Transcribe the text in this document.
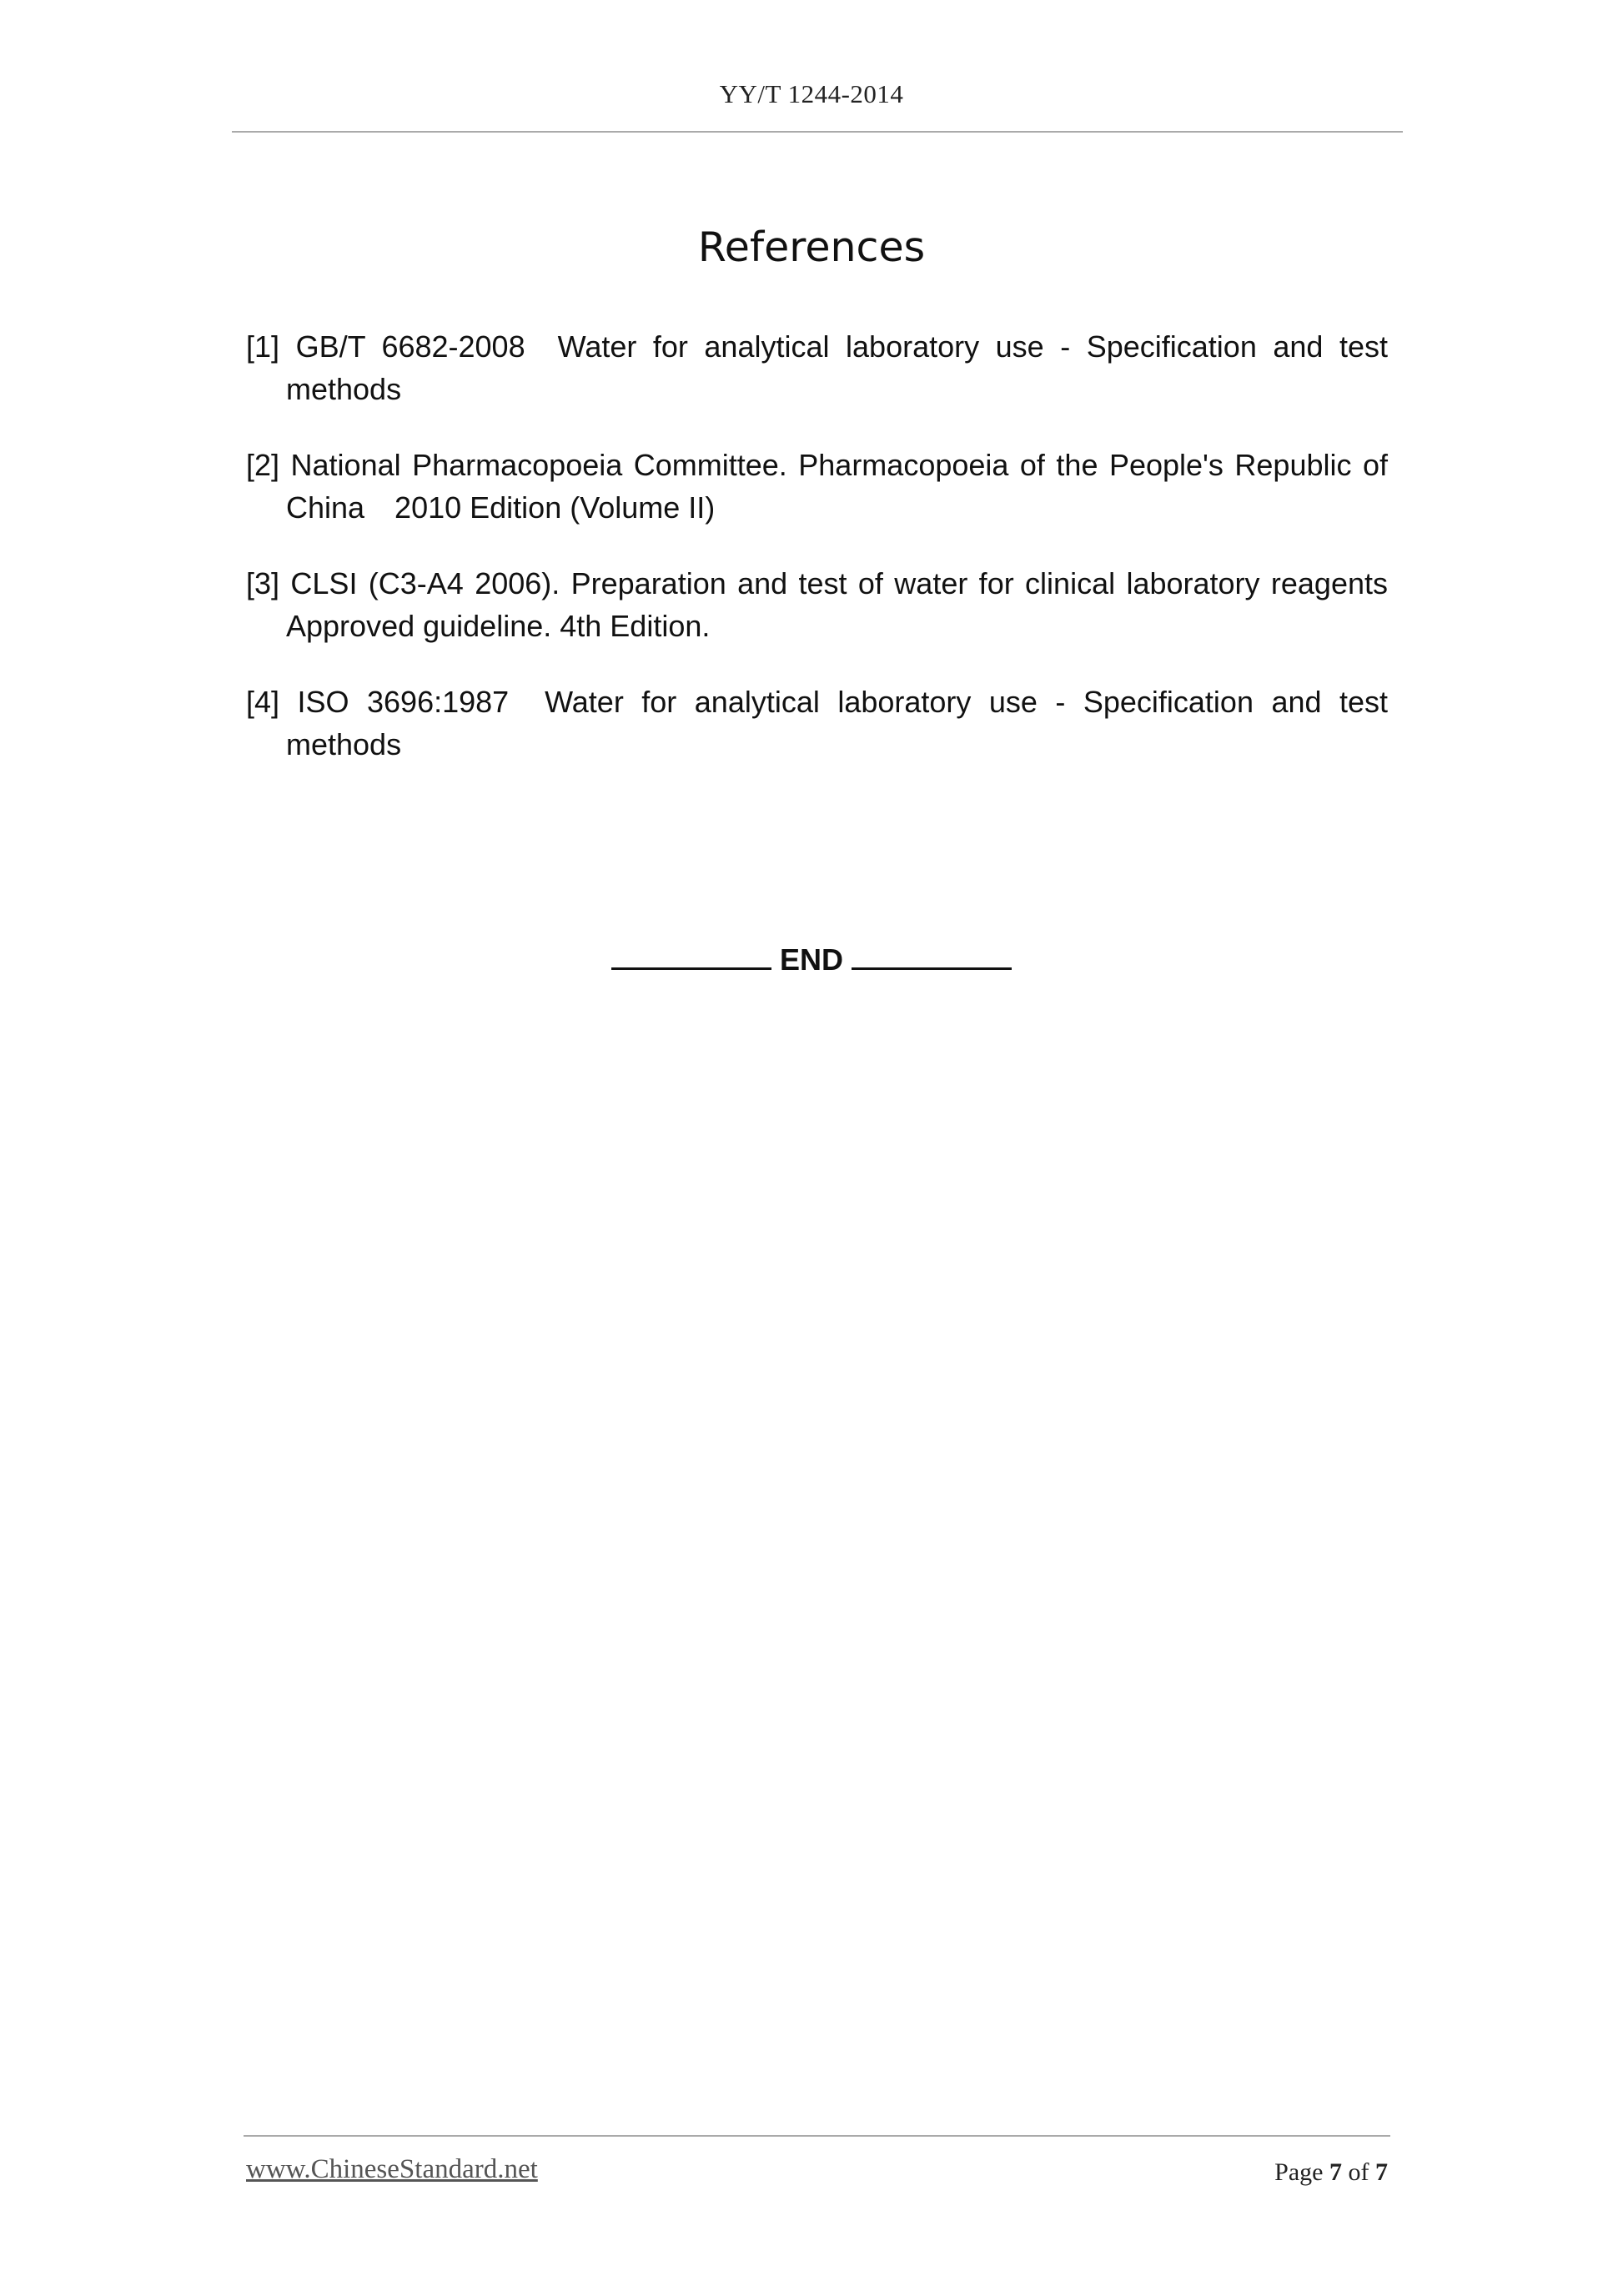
YY/T 1244-2014
References

[1] GB/T 6682-2008 Water for analytical laboratory use - Specification and test methods

[2] National Pharmacopoeia Committee. Pharmacopoeia of the People's Republic of China　2010 Edition (Volume II)

[3] CLSI (C3-A4 2006). Preparation and test of water for clinical laboratory reagents Approved guideline. 4th Edition.

[4] ISO 3696:1987 Water for analytical laboratory use - Specification and test methods

END
www.ChineseStandard.net	Page 7 of 7
